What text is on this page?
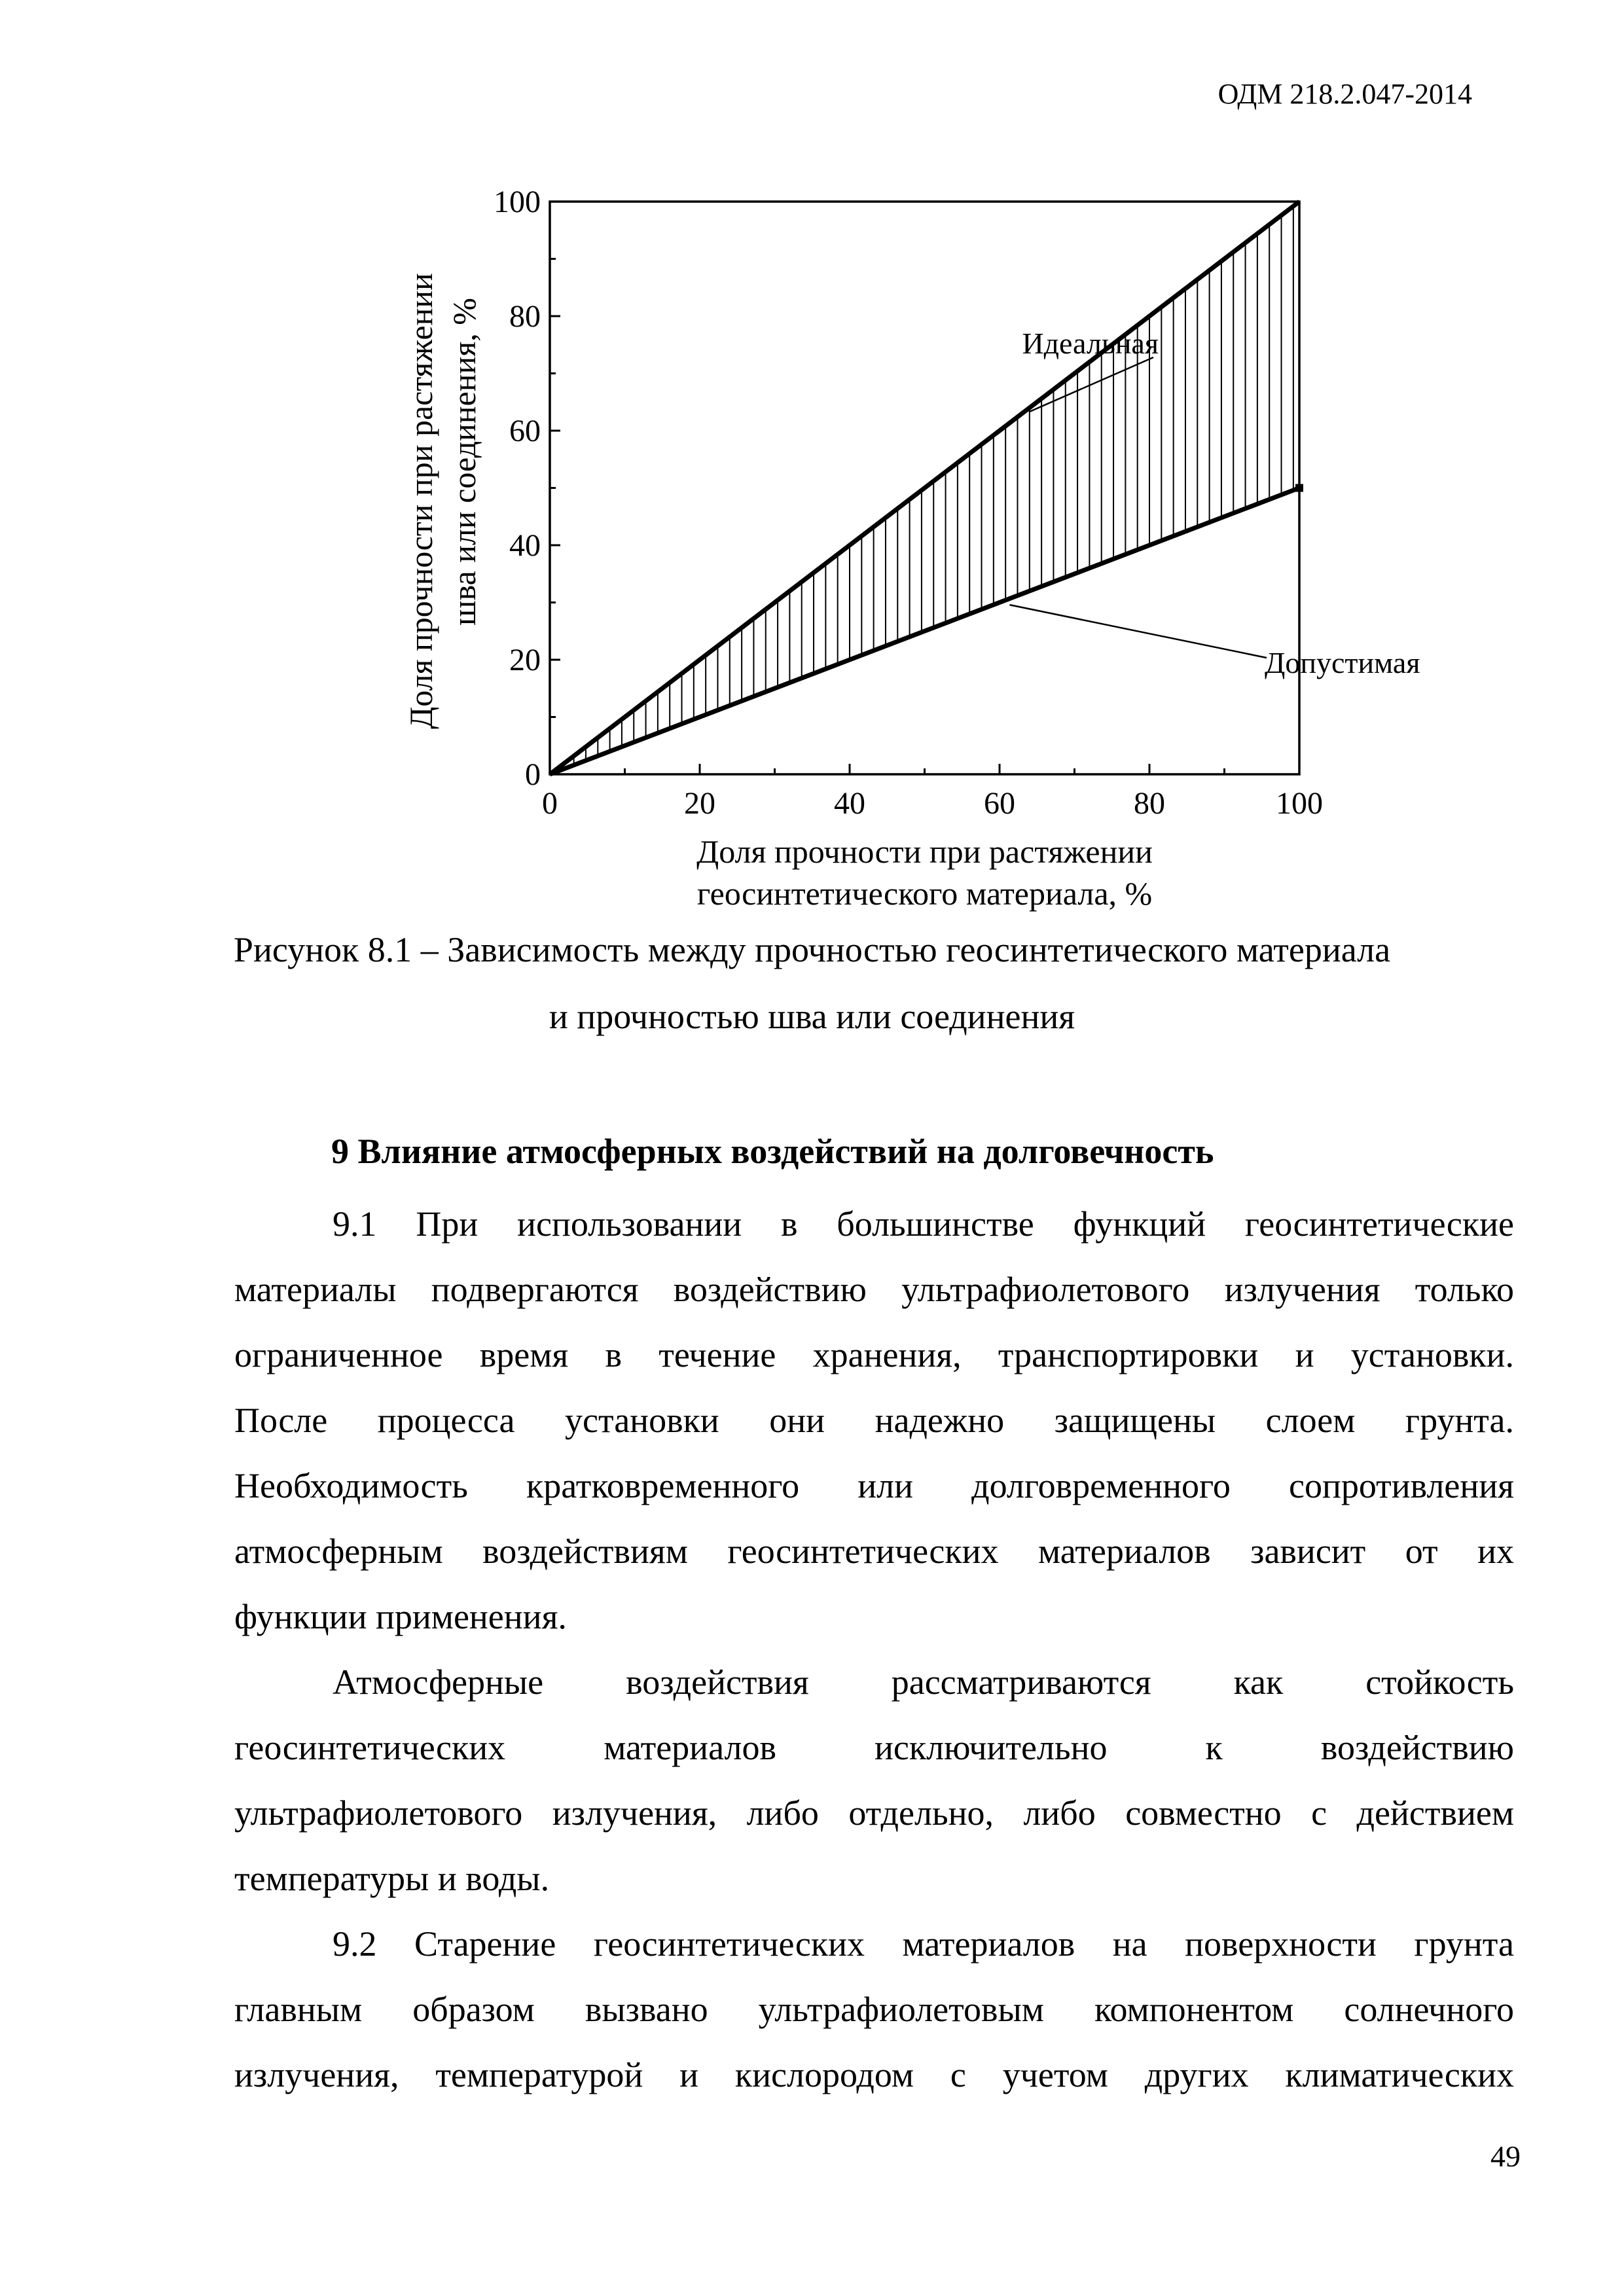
ОДМ 218.2.047-2014
0
0
20
20
40
40
60
60
80
80
100
100
Идеальная
Допустимая
Доля прочности при растяжении
геосинтетического материала, %
Доля прочности при растяжении шва или соединения, %
Рисунок 8.1 – Зависимость между прочностью геосинтетического материала
и прочностью шва или соединения
9 Влияние атмосферных воздействий на долговечность
9.1 При использовании в большинстве функций геосинтетические
материалы подвергаются воздействию ультрафиолетового излучения только
ограниченное время в течение хранения, транспортировки и установки.
После процесса установки они надежно защищены слоем грунта.
Необходимость кратковременного или долговременного сопротивления
атмосферным воздействиям геосинтетических материалов зависит от их
функции применения.
Атмосферные воздействия рассматриваются как стойкость
геосинтетических материалов исключительно к воздействию
ультрафиолетового излучения, либо отдельно, либо совместно с действием
температуры и воды.
9.2 Старение геосинтетических материалов на поверхности грунта
главным образом вызвано ультрафиолетовым компонентом солнечного
излучения, температурой и кислородом с учетом других климатических
49
